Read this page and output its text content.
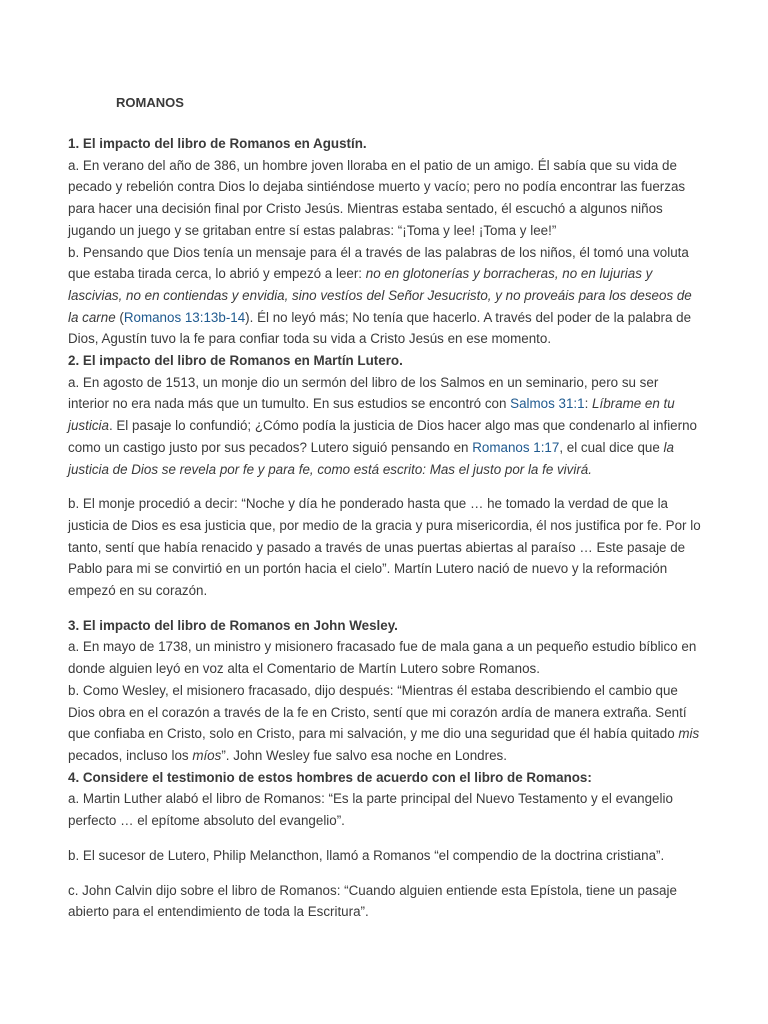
ROMANOS

1. El impacto del libro de Romanos en Agustín.

a. En verano del año de 386, un hombre joven lloraba en el patio de un amigo. Él sabía que su vida de pecado y rebelión contra Dios lo dejaba sintiéndose muerto y vacío; pero no podía encontrar las fuerzas para hacer una decisión final por Cristo Jesús. Mientras estaba sentado, él escuchó a algunos niños jugando un juego y se gritaban entre sí estas palabras: “¡Toma y lee! ¡Toma y lee!”

b. Pensando que Dios tenía un mensaje para él a través de las palabras de los niños, él tomó una voluta que estaba tirada cerca, lo abrió y empezó a leer: no en glotonerías y borracheras, no en lujurias y lascivias, no en contiendas y envidia, sino vestíos del Señor Jesucristo, y no proveáis para los deseos de la carne (Romanos 13:13b-14). Él no leyó más; No tenía que hacerlo. A través del poder de la palabra de Dios, Agustín tuvo la fe para confiar toda su vida a Cristo Jesús en ese momento.

2. El impacto del libro de Romanos en Martín Lutero.

a. En agosto de 1513, un monje dio un sermón del libro de los Salmos en un seminario, pero su ser interior no era nada más que un tumulto. En sus estudios se encontró con Salmos 31:1: Líbrame en tu justicia. El pasaje lo confundió; ¿Cómo podía la justicia de Dios hacer algo mas que condenarlo al infierno como un castigo justo por sus pecados? Lutero siguió pensando en Romanos 1:17, el cual dice que la justicia de Dios se revela por fe y para fe, como está escrito: Mas el justo por la fe vivirá.

b. El monje procedió a decir: “Noche y día he ponderado hasta que … he tomado la verdad de que la justicia de Dios es esa justicia que, por medio de la gracia y pura misericordia, él nos justifica por fe. Por lo tanto, sentí que había renacido y pasado a través de unas puertas abiertas al paraíso … Este pasaje de Pablo para mi se convirtió en un portón hacia el cielo”. Martín Lutero nació de nuevo y la reformación empezó en su corazón.

3. El impacto del libro de Romanos en John Wesley.

a. En mayo de 1738, un ministro y misionero fracasado fue de mala gana a un pequeño estudio bíblico en donde alguien leyó en voz alta el Comentario de Martín Lutero sobre Romanos.

b. Como Wesley, el misionero fracasado, dijo después: “Mientras él estaba describiendo el cambio que Dios obra en el corazón a través de la fe en Cristo, sentí que mi corazón ardía de manera extraña. Sentí que confiaba en Cristo, solo en Cristo, para mi salvación, y me dio una seguridad que él había quitado mis pecados, incluso los míos”. John Wesley fue salvo esa noche en Londres.

4. Considere el testimonio de estos hombres de acuerdo con el libro de Romanos:

a. Martin Luther alabó el libro de Romanos: “Es la parte principal del Nuevo Testamento y el evangelio perfecto … el epítome absoluto del evangelio”.

b. El sucesor de Lutero, Philip Melancthon, llamó a Romanos “el compendio de la doctrina cristiana”.

c. John Calvin dijo sobre el libro de Romanos: “Cuando alguien entiende esta Epístola, tiene un pasaje abierto para el entendimiento de toda la Escritura”.
